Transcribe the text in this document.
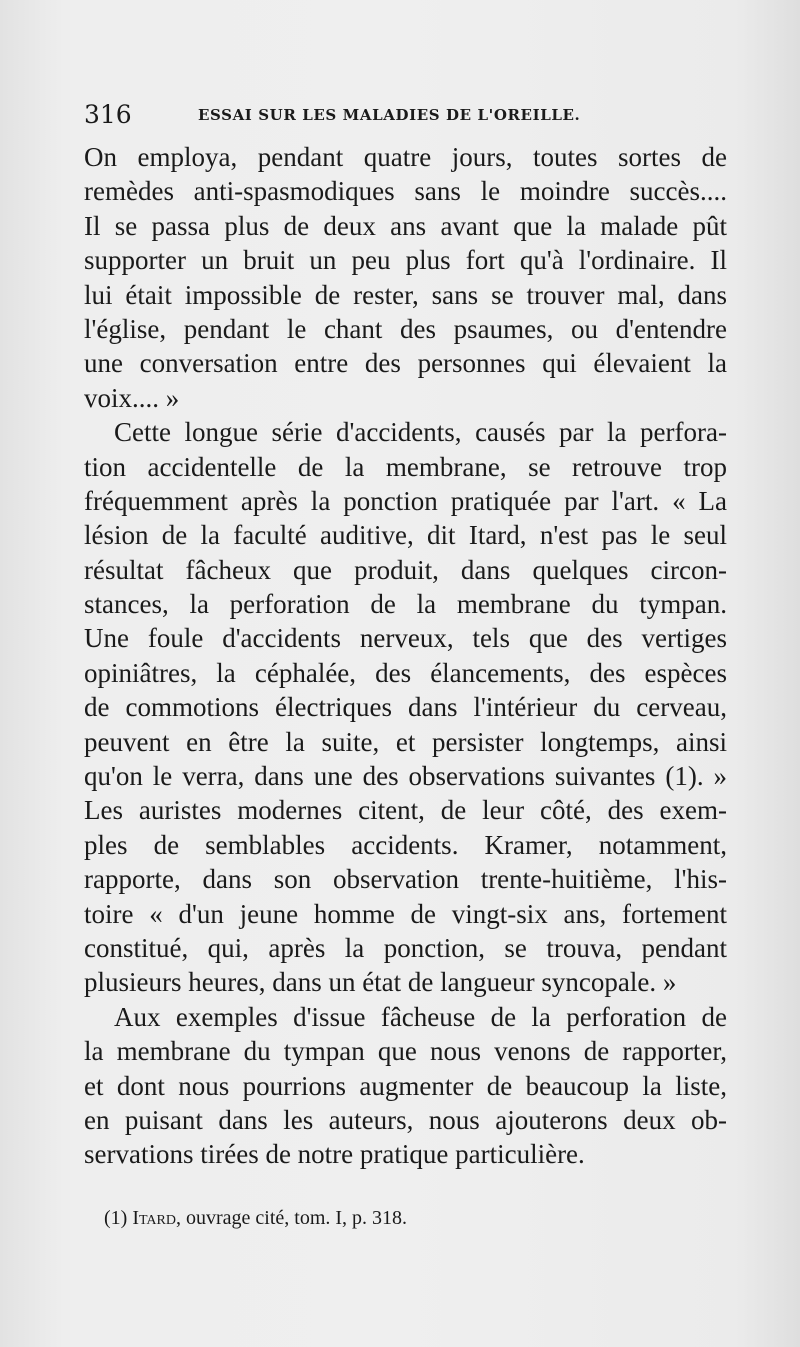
316	ESSAI SUR LES MALADIES DE L'OREILLE.
On employa, pendant quatre jours, toutes sortes de
remèdes anti-spasmodiques sans le moindre succès....
Il se passa plus de deux ans avant que la malade pût
supporter un bruit un peu plus fort qu'à l'ordinaire. Il
lui était impossible de rester, sans se trouver mal, dans
l'église, pendant le chant des psaumes, ou d'entendre
une conversation entre des personnes qui élevaient la
voix.... »
Cette longue série d'accidents, causés par la perfora-
tion accidentelle de la membrane, se retrouve trop
fréquemment après la ponction pratiquée par l'art. « La
lésion de la faculté auditive, dit Itard, n'est pas le seul
résultat fâcheux que produit, dans quelques circon-
stances, la perforation de la membrane du tympan.
Une foule d'accidents nerveux, tels que des vertiges
opiniâtres, la céphalée, des élancements, des espèces
de commotions électriques dans l'intérieur du cerveau,
peuvent en être la suite, et persister longtemps, ainsi
qu'on le verra, dans une des observations suivantes (1). »
Les auristes modernes citent, de leur côté, des exem-
ples de semblables accidents. Kramer, notamment,
rapporte, dans son observation trente-huitième, l'his-
toire « d'un jeune homme de vingt-six ans, fortement
constitué, qui, après la ponction, se trouva, pendant
plusieurs heures, dans un état de langueur syncopale. »
Aux exemples d'issue fâcheuse de la perforation de
la membrane du tympan que nous venons de rapporter,
et dont nous pourrions augmenter de beaucoup la liste,
en puisant dans les auteurs, nous ajouterons deux ob-
servations tirées de notre pratique particulière.
(1) Itard, ouvrage cité, tom. I, p. 318.
